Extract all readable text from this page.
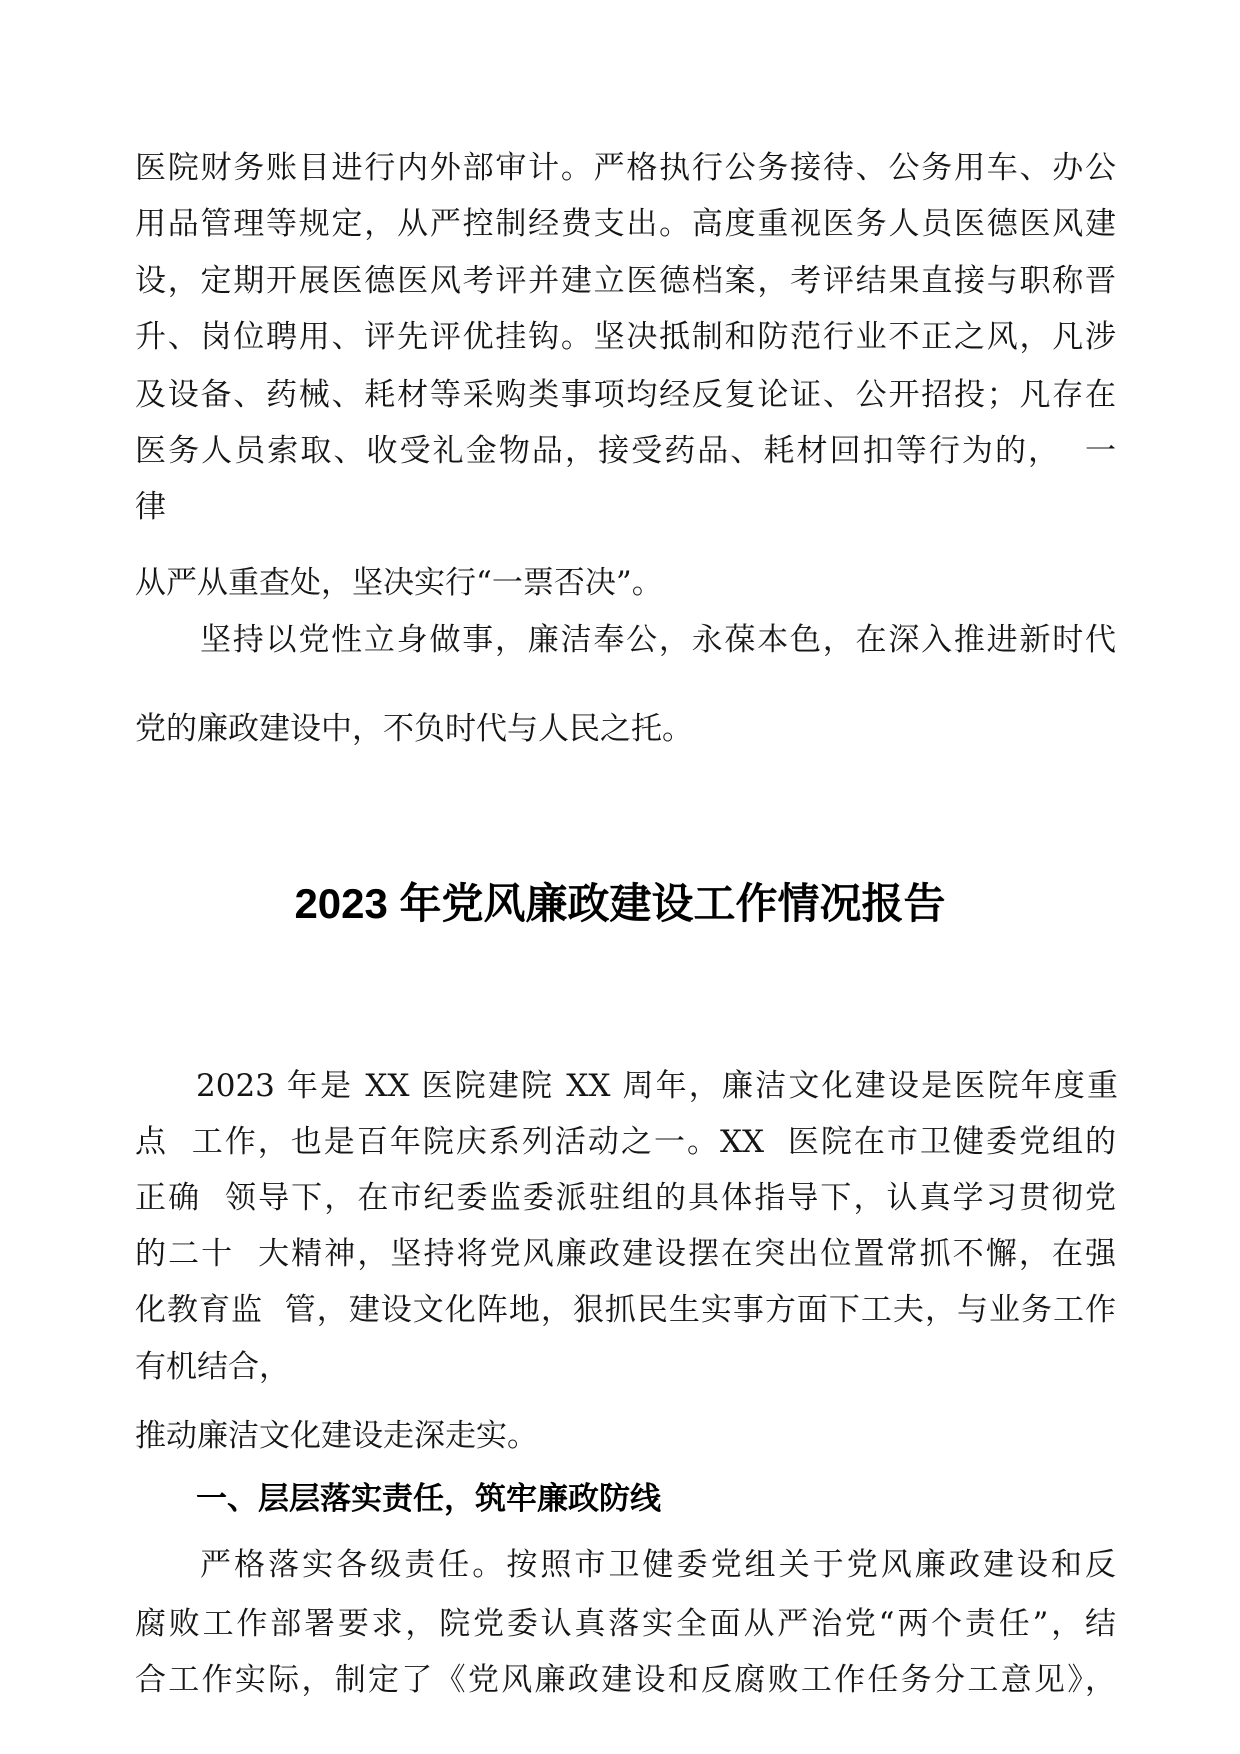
医院财务账目进行内外部审计。严格执行公务接待、公务用车、办公
用品管理等规定，从严控制经费支出。高度重视医务人员医德医风建
设，定期开展医德医风考评并建立医德档案，考评结果直接与职称晋
升、岗位聘用、评先评优挂钩。坚决抵制和防范行业不正之风，凡涉
及设备、药械、耗材等采购类事项均经反复论证、公开招投；凡存在
医务人员索取、收受礼金物品，接受药品、耗材回扣等行为的，  一
律
从严从重查处，坚决实行“一票否决”。
坚持以党性立身做事，廉洁奉公，永葆本色，在深入推进新时代
党的廉政建设中，不负时代与人民之托。
2023 年党风廉政建设工作情况报告
2023 年是 XX 医院建院 XX 周年，廉洁文化建设是医院年度重
点  工作，也是百年院庆系列活动之一。XX  医院在市卫健委党组的
正确  领导下，在市纪委监委派驻组的具体指导下，认真学习贯彻党
的二十  大精神，坚持将党风廉政建设摆在突出位置常抓不懈，在强
化教育监  管，建设文化阵地，狠抓民生实事方面下工夫，与业务工作
有机结合，
推动廉洁文化建设走深走实。
一、层层落实责任，筑牢廉政防线
严格落实各级责任。按照市卫健委党组关于党风廉政建设和反
腐败工作部署要求，院党委认真落实全面从严治党“两个责任”，结
合工作实际，制定了《党风廉政建设和反腐败工作任务分工意见》，
